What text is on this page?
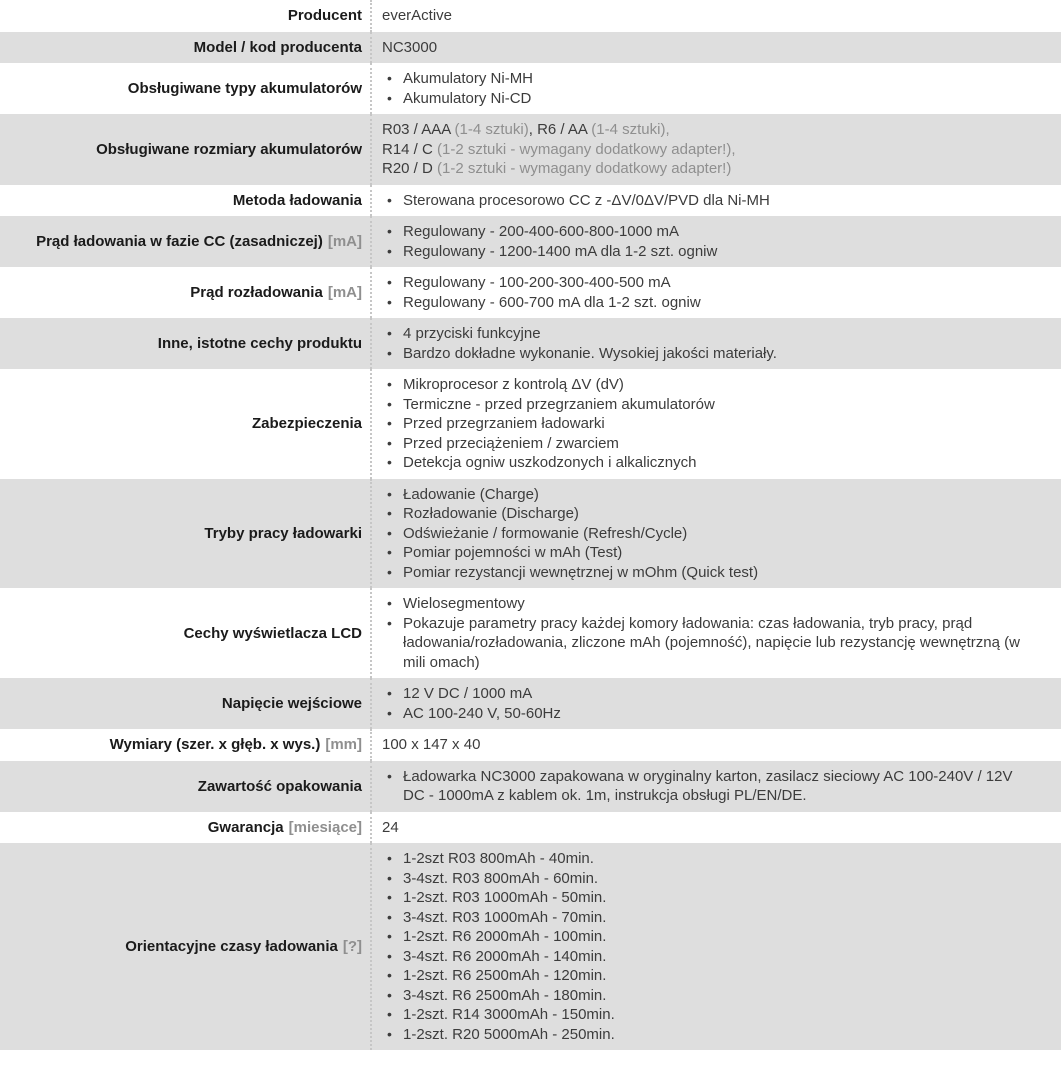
Producent everActive
Model / kod producenta NC3000
Obsługiwane typy akumulatorów
• Akumulatory Ni-MH
• Akumulatory Ni-CD
Obsługiwane rozmiary akumulatorów
R03 / AAA (1-4 sztuki), R6 / AA (1-4 sztuki),
R14 / C (1-2 sztuki - wymagany dodatkowy adapter!),
R20 / D (1-2 sztuki - wymagany dodatkowy adapter!)
Metoda ładowania • Sterowana procesorowo CC z -ΔV/0ΔV/PVD dla Ni-MH
Prąd ładowania w fazie CC (zasadniczej) [mA]
• Regulowany - 200-400-600-800-1000 mA
• Regulowany - 1200-1400 mA dla 1-2 szt. ogniw
Prąd rozładowania [mA]
• Regulowany - 100-200-300-400-500 mA
• Regulowany - 600-700 mA dla 1-2 szt. ogniw
Inne, istotne cechy produktu
• 4 przyciski funkcyjne
• Bardzo dokładne wykonanie. Wysokiej jakości materiały.
Zabezpieczenia
• Mikroprocesor z kontrolą ΔV (dV)
• Termiczne - przed przegrzaniem akumulatorów
• Przed przegrzaniem ładowarki
• Przed przeciążeniem / zwarciem
• Detekcja ogniw uszkodzonych i alkalicznych
Tryby pracy ładowarki
• Ładowanie (Charge)
• Rozładowanie (Discharge)
• Odświeżanie / formowanie (Refresh/Cycle)
• Pomiar pojemności w mAh (Test)
• Pomiar rezystancji wewnętrznej w mOhm (Quick test)
Cechy wyświetlacza LCD
• Wielosegmentowy
• Pokazuje parametry pracy każdej komory ładowania: czas ładowania, tryb pracy, prąd ładowania/rozładowania, zliczone mAh (pojemność), napięcie lub rezystancję wewnętrzną (w mili omach)
Napięcie wejściowe
• 12 V DC / 1000 mA
• AC 100-240 V, 50-60Hz
Wymiary (szer. x głęb. x wys.) [mm] 100 x 147 x 40
Zawartość opakowania
• Ładowarka NC3000 zapakowana w oryginalny karton, zasilacz sieciowy AC 100-240V / 12V DC - 1000mA z kablem ok. 1m, instrukcja obsługi PL/EN/DE.
Gwarancja [miesiące] 24
Orientacyjne czasy ładowania [?]
• 1-2szt R03 800mAh - 40min.
• 3-4szt. R03 800mAh - 60min.
• 1-2szt. R03 1000mAh - 50min.
• 3-4szt. R03 1000mAh - 70min.
• 1-2szt. R6 2000mAh - 100min.
• 3-4szt. R6 2000mAh - 140min.
• 1-2szt. R6 2500mAh - 120min.
• 3-4szt. R6 2500mAh - 180min.
• 1-2szt. R14 3000mAh - 150min.
• 1-2szt. R20 5000mAh - 250min.
